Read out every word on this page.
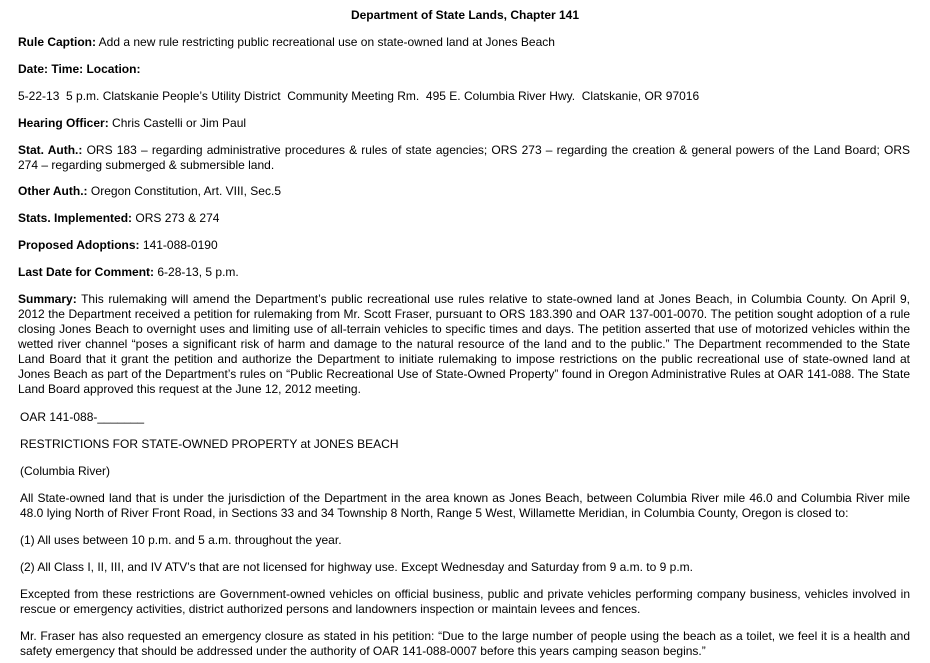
Department of State Lands, Chapter 141

Rule Caption: Add a new rule restricting public recreational use on state-owned land at Jones Beach

Date: Time: Location:

5-22-13  5 p.m. Clatskanie People’s Utility District  Community Meeting Rm.  495 E. Columbia River Hwy.  Clatskanie, OR 97016

Hearing Officer: Chris Castelli or Jim Paul

Stat. Auth.: ORS 183 – regarding administrative procedures & rules of state agencies; ORS 273 – regarding the creation & general powers of the Land Board; ORS 274 – regarding submerged & submersible land.

Other Auth.: Oregon Constitution, Art. VIII, Sec.5

Stats. Implemented: ORS 273 & 274

Proposed Adoptions: 141-088-0190

Last Date for Comment: 6-28-13, 5 p.m.

Summary: This rulemaking will amend the Department’s public recreational use rules relative to state-owned land at Jones Beach, in Columbia County. On April 9, 2012 the Department received a petition for rulemaking from Mr. Scott Fraser, pursuant to ORS 183.390 and OAR 137-001-0070. The petition sought adoption of a rule closing Jones Beach to overnight uses and limiting use of all-terrain vehicles to specific times and days. The petition asserted that use of motorized vehicles within the wetted river channel “poses a significant risk of harm and damage to the natural resource of the land and to the public.” The Department recommended to the State Land Board that it grant the petition and authorize the Department to initiate rulemaking to impose restrictions on the public recreational use of state-owned land at Jones Beach as part of the Department’s rules on “Public Recreational Use of State-Owned Property” found in Oregon Administrative Rules at OAR 141-088. The State Land Board approved this request at the June 12, 2012 meeting.

OAR 141-088-_______

RESTRICTIONS FOR STATE-OWNED PROPERTY at JONES BEACH

(Columbia River)

All State-owned land that is under the jurisdiction of the Department in the area known as Jones Beach, between Columbia River mile 46.0 and Columbia River mile 48.0 lying North of River Front Road, in Sections 33 and 34 Township 8 North, Range 5 West, Willamette Meridian, in Columbia County, Oregon is closed to:

(1) All uses between 10 p.m. and 5 a.m. throughout the year.

(2) All Class I, II, III, and IV ATV’s that are not licensed for highway use. Except Wednesday and Saturday from 9 a.m. to 9 p.m.

Excepted from these restrictions are Government-owned vehicles on official business, public and private vehicles performing company business, vehicles involved in rescue or emergency activities, district authorized persons and landowners inspection or maintain levees and fences.

Mr. Fraser has also requested an emergency closure as stated in his petition: “Due to the large number of people using the beach as a toilet, we feel it is a health and safety emergency that should be addressed under the authority of OAR 141-088-0007 before this years camping season begins.”
